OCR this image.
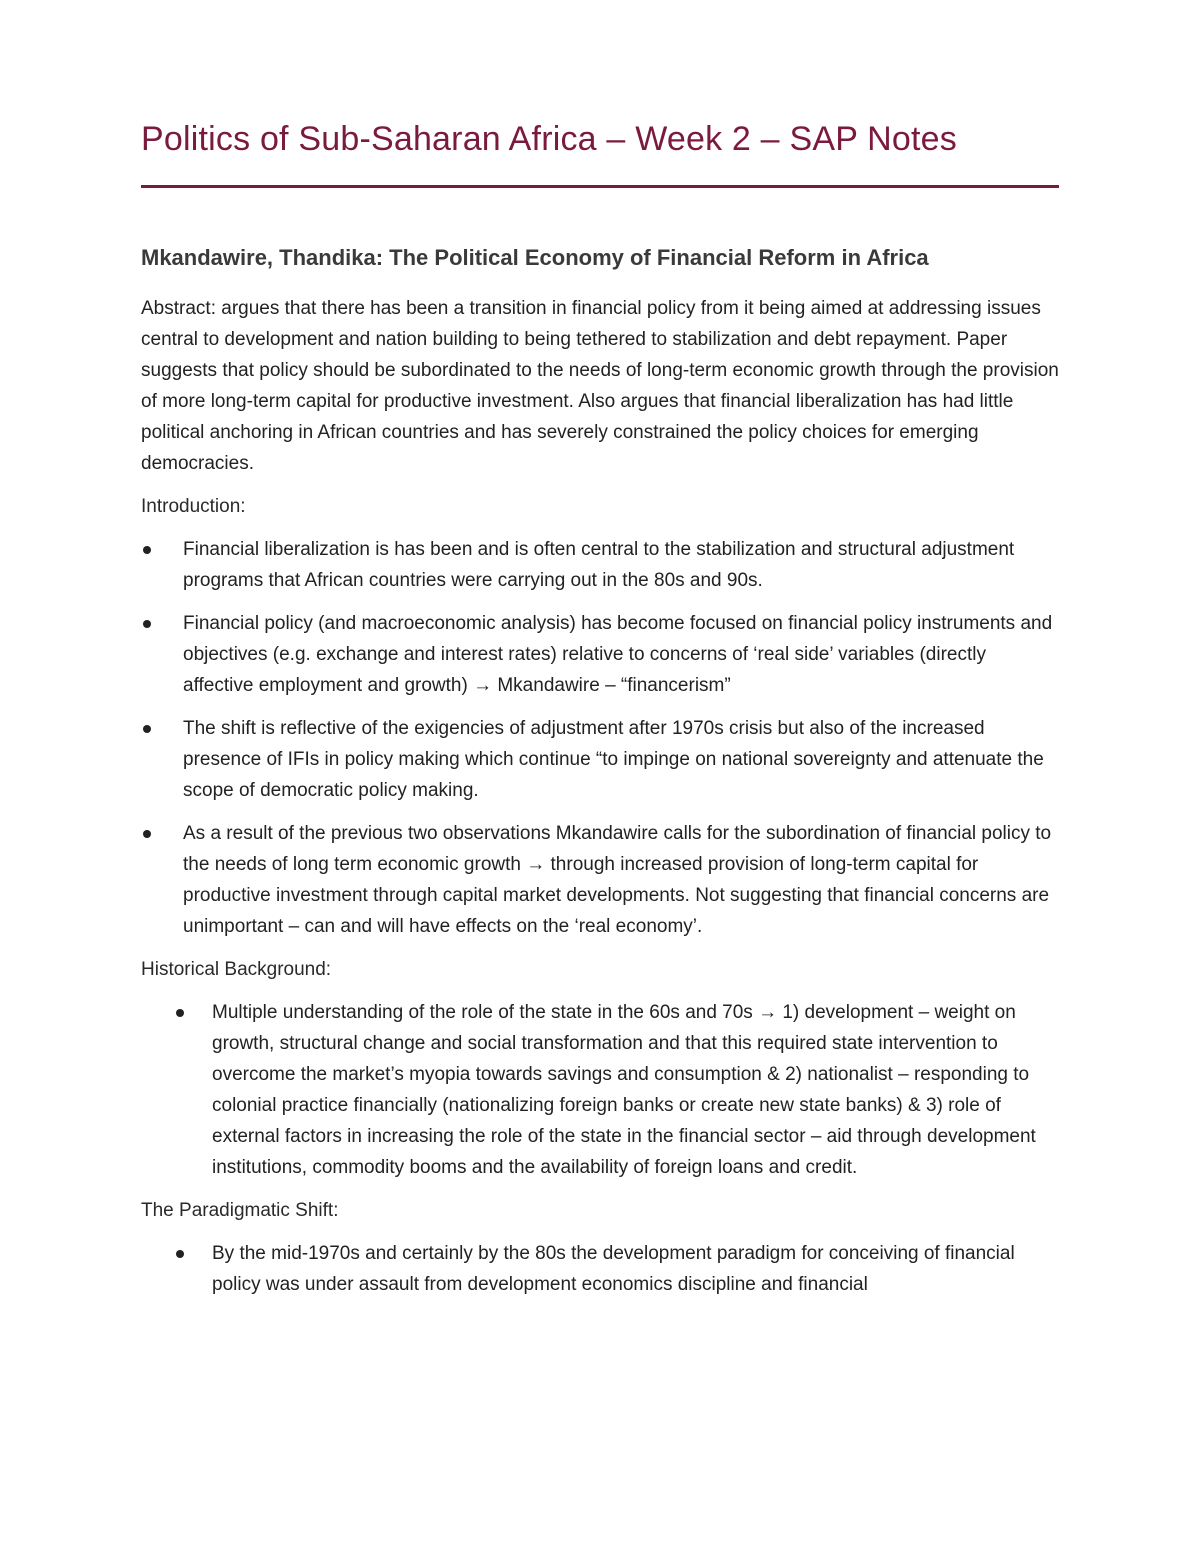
Politics of Sub-Saharan Africa – Week 2 – SAP Notes
Mkandawire, Thandika: The Political Economy of Financial Reform in Africa

Abstract: argues that there has been a transition in financial policy from it being aimed at addressing issues central to development and nation building to being tethered to stabilization and debt repayment. Paper suggests that policy should be subordinated to the needs of long-term economic growth through the provision of more long-term capital for productive investment. Also argues that financial liberalization has had little political anchoring in African countries and has severely constrained the policy choices for emerging democracies.

Introduction:

Financial liberalization is has been and is often central to the stabilization and structural adjustment programs that African countries were carrying out in the 80s and 90s.
Financial policy (and macroeconomic analysis) has become focused on financial policy instruments and objectives (e.g. exchange and interest rates) relative to concerns of ‘real side’ variables (directly affective employment and growth) → Mkandawire – “financerism”
The shift is reflective of the exigencies of adjustment after 1970s crisis but also of the increased presence of IFIs in policy making which continue “to impinge on national sovereignty and attenuate the scope of democratic policy making.
As a result of the previous two observations Mkandawire calls for the subordination of financial policy to the needs of long term economic growth → through increased provision of long-term capital for productive investment through capital market developments. Not suggesting that financial concerns are unimportant – can and will have effects on the ‘real economy’.

Historical Background:

Multiple understanding of the role of the state in the 60s and 70s → 1) development – weight on growth, structural change and social transformation and that this required state intervention to overcome the market’s myopia towards savings and consumption & 2) nationalist – responding to colonial practice financially (nationalizing foreign banks or create new state banks) & 3) role of external factors in increasing the role of the state in the financial sector – aid through development institutions, commodity booms and the availability of foreign loans and credit.

The Paradigmatic Shift:

By the mid-1970s and certainly by the 80s the development paradigm for conceiving of financial policy was under assault from development economics discipline and financial
